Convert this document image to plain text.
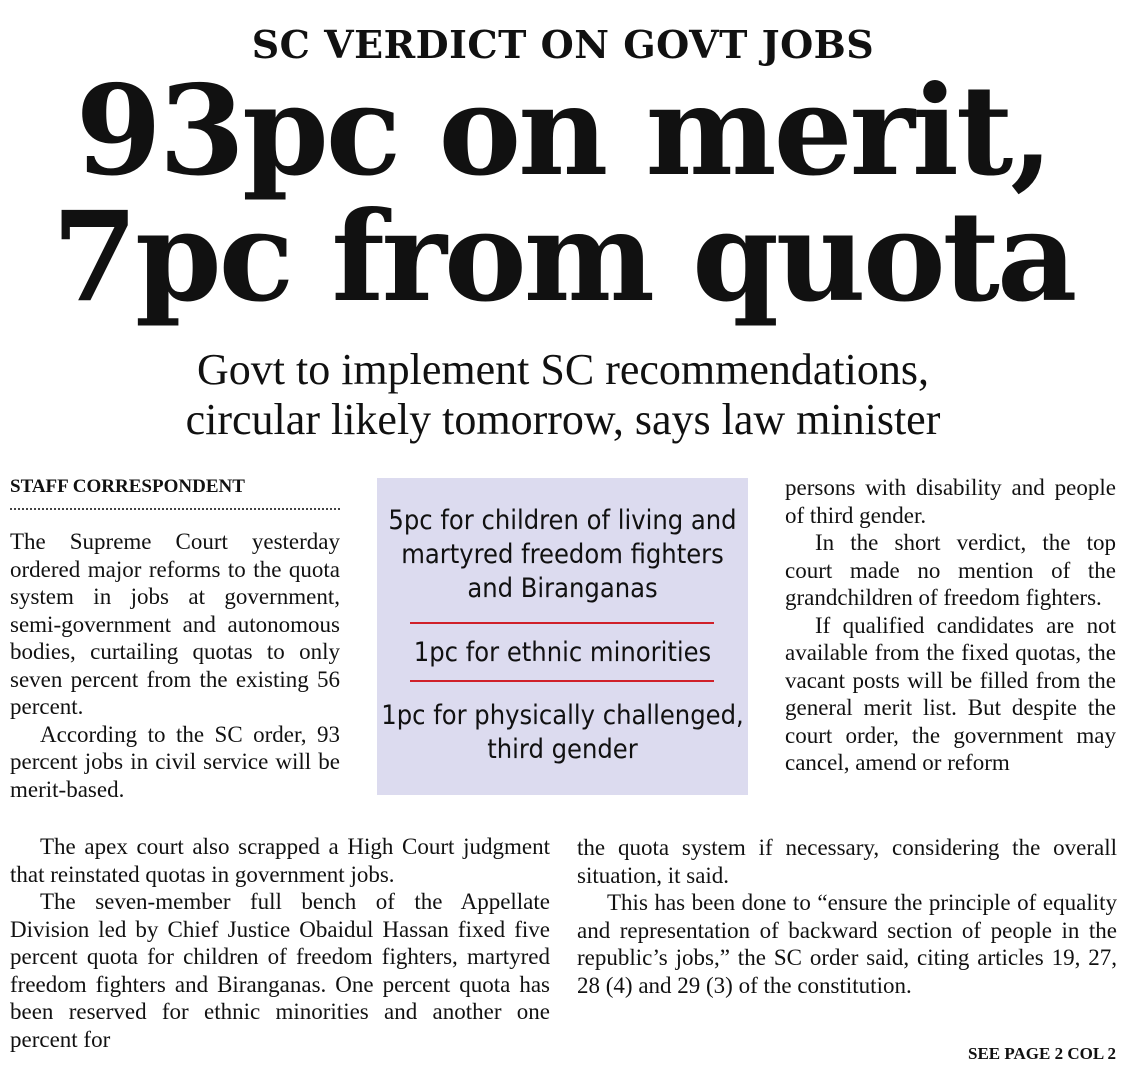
SC VERDICT ON GOVT JOBS
93pc on merit,
7pc from quota
Govt to implement SC recommendations,
circular likely tomorrow, says law minister
STAFF CORRESPONDENT

The Supreme Court yesterday ordered major reforms to the quota system in jobs at government, semi-government and autonomous bodies, curtailing quotas to only seven percent from the existing 56 percent.

According to the SC order, 93 percent jobs in civil service will be merit-based.

5pc for children of living and martyred freedom fighters and Biranganas
1pc for ethnic minorities
1pc for physically challenged, third gender

persons with disability and people of third gender.

In the short verdict, the top court made no mention of the grandchildren of freedom fighters.

If qualified candidates are not available from the fixed quotas, the vacant posts will be filled from the general merit list. But despite the court order, the government may cancel, amend or reform

The apex court also scrapped a High Court judgment that reinstated quotas in government jobs.

The seven-member full bench of the Appellate Division led by Chief Justice Obaidul Hassan fixed five percent quota for children of freedom fighters, martyred freedom fighters and Biranganas. One percent quota has been reserved for ethnic minorities and another one percent for

the quota system if necessary, considering the overall situation, it said.

This has been done to “ensure the principle of equality and representation of backward section of people in the republic’s jobs,” the SC order said, citing articles 19, 27, 28 (4) and 29 (3) of the constitution.

SEE PAGE 2 COL 2
